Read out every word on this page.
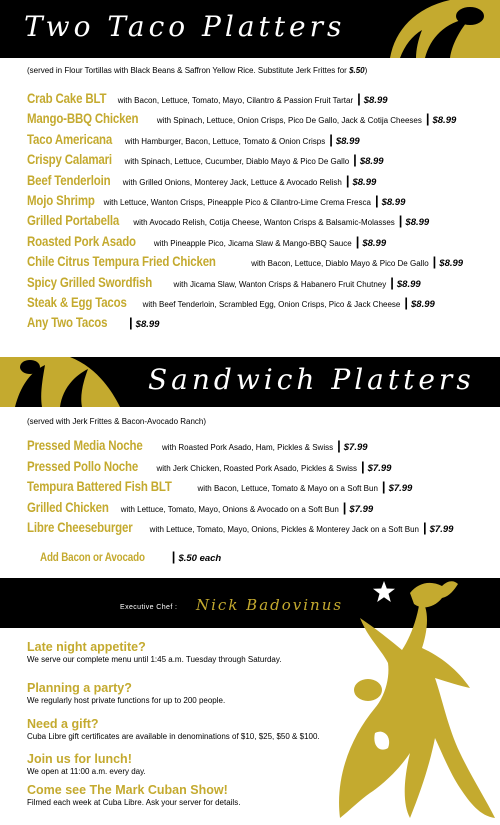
Two Taco Platters
(served in Flour Tortillas with Black Beans & Saffron Yellow Rice. Substitute Jerk Frittes for $.50)
Crab Cake BLT with Bacon, Lettuce, Tomato, Mayo, Cilantro & Passion Fruit Tartar | $8.99
Mango-BBQ Chicken with Spinach, Lettuce, Onion Crisps, Pico De Gallo, Jack & Cotija Cheeses | $8.99
Taco Americana with Hamburger, Bacon, Lettuce, Tomato & Onion Crisps | $8.99
Crispy Calamari with Spinach, Lettuce, Cucumber, Diablo Mayo & Pico De Gallo | $8.99
Beef Tenderloin with Grilled Onions, Monterey Jack, Lettuce & Avocado Relish | $8.99
Mojo Shrimp with Lettuce, Wanton Crisps, Pineapple Pico & Cilantro-Lime Crema Fresca | $8.99
Grilled Portabella with Avocado Relish, Cotija Cheese, Wanton Crisps & Balsamic-Molasses | $8.99
Roasted Pork Asado with Pineapple Pico, Jicama Slaw & Mango-BBQ Sauce | $8.99
Chile Citrus Tempura Fried Chicken	with Bacon, Lettuce, Diablo Mayo & Pico De Gallo | $8.99
Spicy Grilled Swordfish	with Jicama Slaw, Wanton Crisps & Habanero Fruit Chutney | $8.99
Steak & Egg Tacos with Beef Tenderloin, Scrambled Egg, Onion Crisps, Pico & Jack Cheese | $8.99
Any Two Tacos | $8.99
Sandwich Platters
(served with Jerk Frittes & Bacon-Avocado Ranch)
Pressed Media Noche with Roasted Pork Asado, Ham, Pickles & Swiss | $7.99
Pressed Pollo Noche with Jerk Chicken, Roasted Pork Asado, Pickles & Swiss | $7.99
Tempura Battered Fish BLT	with Bacon, Lettuce, Tomato & Mayo on a Soft Bun | $7.99
Grilled Chicken with Lettuce, Tomato, Mayo, Onions & Avocado on a Soft Bun | $7.99
Libre Cheeseburger with Lettuce, Tomato, Mayo, Onions, Pickles & Monterey Jack on a Soft Bun | $7.99
Add Bacon or Avocado | $.50 each
Executive Chef : Nick Badovinus
Late night appetite?
We serve our complete menu until 1:45 a.m. Tuesday through Saturday.
Planning a party?
We regularly host private functions for up to 200 people.
Need a gift?
Cuba Libre gift certificates are available in denominations of $10, $25, $50 & $100.
Join us for lunch!
We open at 11:00 a.m. every day.
Come see The Mark Cuban Show!
Filmed each week at Cuba Libre. Ask your server for details.
